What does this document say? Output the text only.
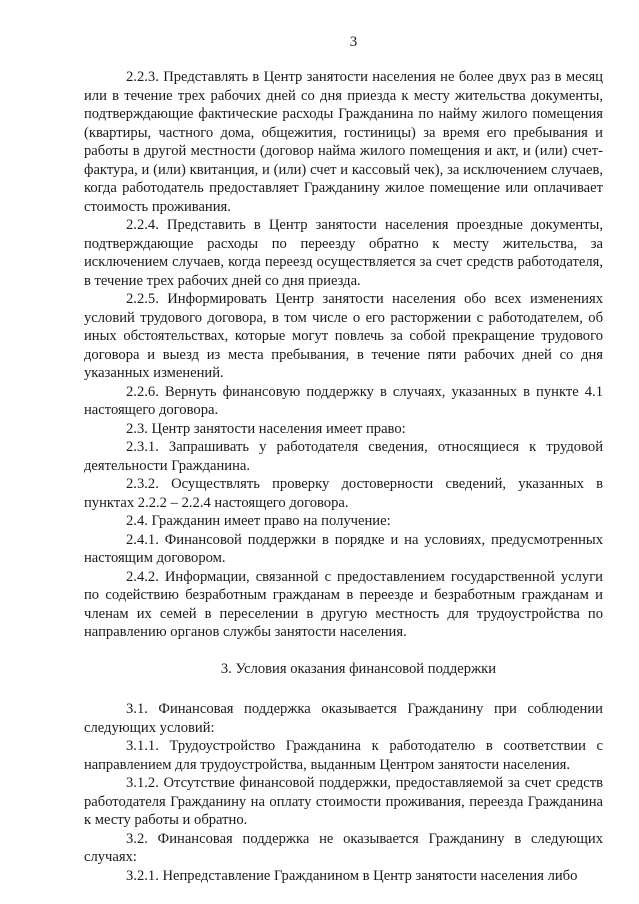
3

2.2.3. Представлять в Центр занятости населения не более двух раз в месяц или в течение трех рабочих дней со дня приезда к месту жительства документы, подтверждающие фактические расходы Гражданина по найму жилого помещения (квартиры, частного дома, общежития, гостиницы) за время его пребывания и работы в другой местности (договор найма жилого помещения и акт, и (или) счет-фактура, и (или) квитанция, и (или) счет и кассовый чек), за исключением случаев, когда работодатель предоставляет Гражданину жилое помещение или оплачивает стоимость проживания.

2.2.4. Представить в Центр занятости населения проездные документы, подтверждающие расходы по переезду обратно к месту жительства, за исключением случаев, когда переезд осуществляется за счет средств работодателя, в течение трех рабочих дней со дня приезда.

2.2.5. Информировать Центр занятости населения обо всех изменениях условий трудового договора, в том числе о его расторжении с работодателем, об иных обстоятельствах, которые могут повлечь за собой прекращение трудового договора и выезд из места пребывания, в течение пяти рабочих дней со дня указанных изменений.

2.2.6. Вернуть финансовую поддержку в случаях, указанных в пункте 4.1 настоящего договора.

2.3. Центр занятости населения имеет право:

2.3.1. Запрашивать у работодателя сведения, относящиеся к трудовой деятельности Гражданина.

2.3.2. Осуществлять проверку достоверности сведений, указанных в пунктах 2.2.2 – 2.2.4 настоящего договора.

2.4. Гражданин имеет право на получение:

2.4.1. Финансовой поддержки в порядке и на условиях, предусмотренных настоящим договором.

2.4.2. Информации, связанной с предоставлением государственной услуги по содействию безработным гражданам в переезде и безработным гражданам и членам их семей в переселении в другую местность для трудоустройства по направлению органов службы занятости населения.

3. Условия оказания финансовой поддержки

3.1. Финансовая поддержка оказывается Гражданину при соблюдении следующих условий:

3.1.1. Трудоустройство Гражданина к работодателю в соответствии с направлением для трудоустройства, выданным Центром занятости населения.

3.1.2. Отсутствие финансовой поддержки, предоставляемой за счет средств работодателя Гражданину на оплату стоимости проживания, переезда Гражданина к месту работы и обратно.

3.2. Финансовая поддержка не оказывается Гражданину в следующих случаях:

3.2.1. Непредставление Гражданином в Центр занятости населения либо
